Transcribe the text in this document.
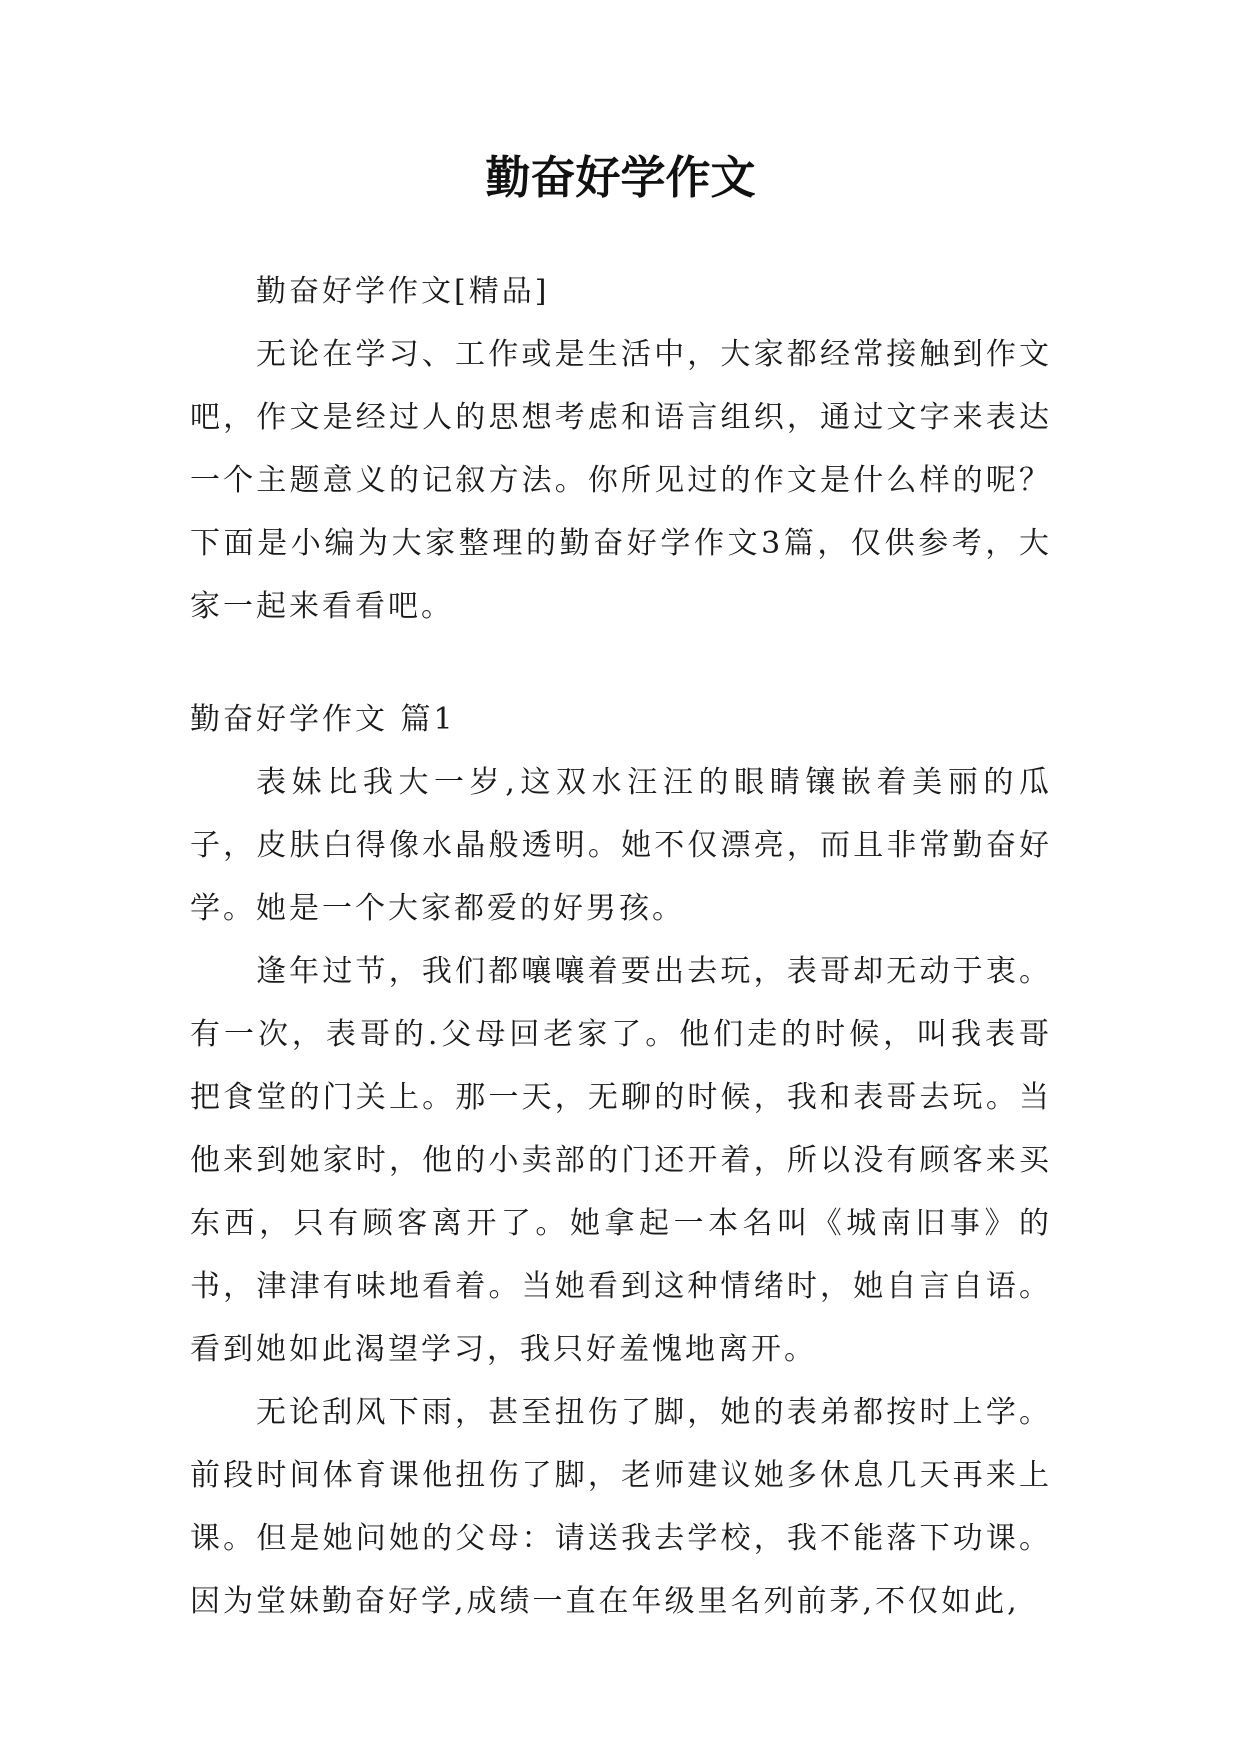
勤奋好学作文

勤奋好学作文[精品]

无论在学习、工作或是生活中，大家都经常接触到作文吧，作文是经过人的思想考虑和语言组织，通过文字来表达一个主题意义的记叙方法。你所见过的作文是什么样的呢？下面是小编为大家整理的勤奋好学作文3篇，仅供参考，大家一起来看看吧。

勤奋好学作文 篇1

表妹比我大一岁,这双水汪汪的眼睛镶嵌着美丽的瓜子，皮肤白得像水晶般透明。她不仅漂亮，而且非常勤奋好学。她是一个大家都爱的好男孩。

逢年过节，我们都嚷嚷着要出去玩，表哥却无动于衷。有一次，表哥的.父母回老家了。他们走的时候，叫我表哥把食堂的门关上。那一天，无聊的时候，我和表哥去玩。当他来到她家时，他的小卖部的门还开着，所以没有顾客来买东西，只有顾客离开了。她拿起一本名叫《城南旧事》的书，津津有味地看着。当她看到这种情绪时，她自言自语。看到她如此渴望学习，我只好羞愧地离开。

无论刮风下雨，甚至扭伤了脚，她的表弟都按时上学。前段时间体育课他扭伤了脚，老师建议她多休息几天再来上课。但是她问她的父母：请送我去学校，我不能落下功课。因为堂妹勤奋好学,成绩一直在年级里名列前茅,不仅如此,
